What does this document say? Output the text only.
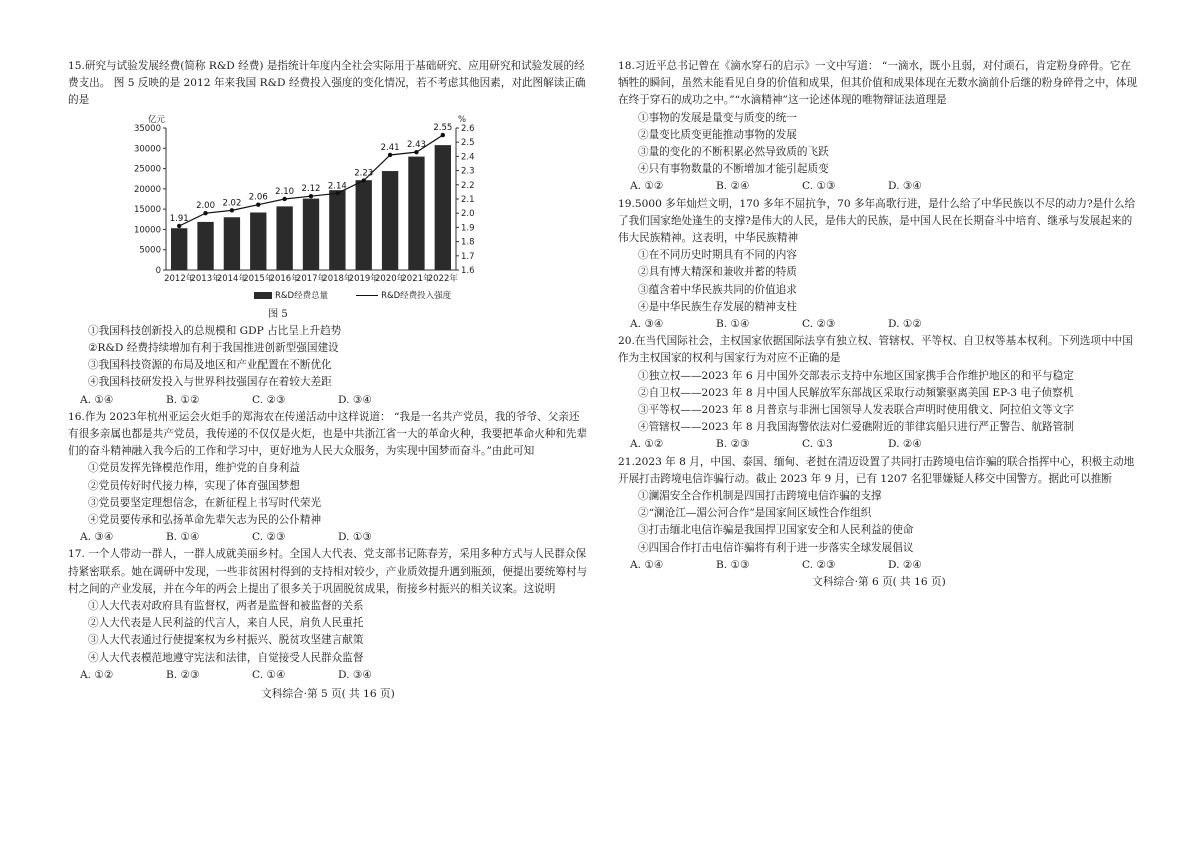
15.研究与试验发展经费(简称 R&D 经费) 是指统计年度内全社会实际用于基础研究、应用研究和试验发展的经费支出。 图 5 反映的是 2012 年来我国 R&D 经费投入强度的变化情况，若不考虑其他因素，对此图解读正确的是

亿元	%
1.91
2.00 2.02
2.06
2.10 2.12 2.14
2.23
2.41 2.43
2.55
2012年
2013年
2014年
2015年
2016年
2017年
2018年
2019年
2020年
2021年
2022年
0
5000
10000
15000
20000
25000
30000
35000
1.6
1.7
1.8
1.9
2.0
2.1
2.2
2.3
2.4
2.5
2.6
R&D经费总量	R&D经费投入强度

图 5

①我国科技创新投入的总规模和 GDP 占比呈上升趋势

②R&D 经费持续增加有利于我国推进创新型强国建设

③我国科技资源的布局及地区和产业配置在不断优化

④我国科技研发投入与世界科技强国存在着较大差距

A. ①④	B. ①②	C. ②③	D. ③④

16.作为 2023年杭州亚运会火炬手的郑海农在传递活动中这样说道： “我是一名共产党员，我的爷爷、父亲还有很多亲属也都是共产党员，我传递的不仅仅是火炬，也是中共浙江省一大的革命火种，我要把革命火种和先辈们的奋斗精神融入我今后的工作和学习中，更好地为人民大众服务，为实现中国梦而奋斗。”由此可知

①党员发挥先锋模范作用，维护党的自身利益

②党员传好时代接力棒，实现了体育强国梦想

③党员要坚定理想信念，在新征程上书写时代荣光

④党员要传承和弘扬革命先辈矢志为民的公仆精神

A. ③④	B. ①④	C. ②③	D. ①③

17. 一个人带动一群人，一群人成就美丽乡村。全国人大代表、党支部书记陈春芳，采用多种方式与人民群众保持紧密联系。她在调研中发现，一些非贫困村得到的支持相对较少，产业质效提升遇到瓶颈，便提出要统筹村与村之间的产业发展，并在今年的两会上提出了很多关于巩固脱贫成果，衔接乡村振兴的相关议案。这说明

①人大代表对政府具有监督权，两者是监督和被监督的关系

②人大代表是人民利益的代言人，来自人民，肩负人民重托

③人大代表通过行使提案权为乡村振兴、脱贫攻坚建言献策

④人大代表模范地遵守宪法和法律，自觉接受人民群众监督

A. ①②	B. ②③	C. ①④	D. ③④

文科综合·第 5 页( 共 16 页)

18.习近平总书记曾在《滴水穿石的启示》一文中写道： “一滴水，既小且弱，对付顽石，肯定粉身碎骨。它在牺牲的瞬间，虽然未能看见自身的价值和成果，但其价值和成果体现在无数水滴前仆后继的粉身碎骨之中，体现在终于穿石的成功之中。”“水滴精神”这一论述体现的唯物辩证法道理是

①事物的发展是量变与质变的统一

②量变比质变更能推动事物的发展

③量的变化的不断积累必然导致质的飞跃

④只有事物数量的不断增加才能引起质变

A. ①②	B. ②④	C. ①③	D. ③④

19.5000 多年灿烂文明，170 多年不屈抗争，70 多年高歌行进，是什么给了中华民族以不尽的动力?是什么给了我们国家绝处逢生的支撑?是伟大的人民，是伟大的民族，是中国人民在长期奋斗中培育、继承与发展起来的伟大民族精神。这表明，中华民族精神

①在不同历史时期具有不同的内容

②具有博大精深和兼收并蓄的特质

③蕴含着中华民族共同的价值追求

④是中华民族生存发展的精神支柱

A. ③④	B. ①④	C. ②③	D. ①②

20.在当代国际社会，主权国家依据国际法享有独立权、管辖权、平等权、自卫权等基本权利。下列选项中中国作为主权国家的权利与国家行为对应不正确的是

①独立权——2023 年 6 月中国外交部表示支持中东地区国家携手合作维护地区的和平与稳定

②自卫权——2023 年 8 月中国人民解放军东部战区采取行动頻繁驱离美国 EP-3 电子侦察机

③平等权——2023 年 8 月普京与非洲七国领导人发表联合声明时使用俄文、阿拉伯文等文字

④管辖权——2023 年 8 月我国海警依法对仁爱礁附近的菲律宾船只进行严正警告、航路管制

A. ①②	B. ②③	C. ①3	D. ②④

21.2023 年 8 月，中国、泰国、缅甸、老挝在清迈设置了共同打击跨境电信诈骗的联合指挥中心，积极主动地开展打击跨境电信诈骗行动。截止 2023 年 9 月，已有 1207 名犯罪嫌疑人移交中国警方。据此可以推断

①澜湄安全合作机制是四国打击跨境电信诈骗的支撑

②“澜沧江—湄公河合作”是国家间区域性合作组织

③打击缅北电信诈骗是我国捍卫国家安全和人民利益的使命

④四国合作打击电信诈骗将有利于进一步落实全球发展倡议

A. ①④	B. ①③	C. ②③	D. ②④

文科综合·第 6 页( 共 16 页)
